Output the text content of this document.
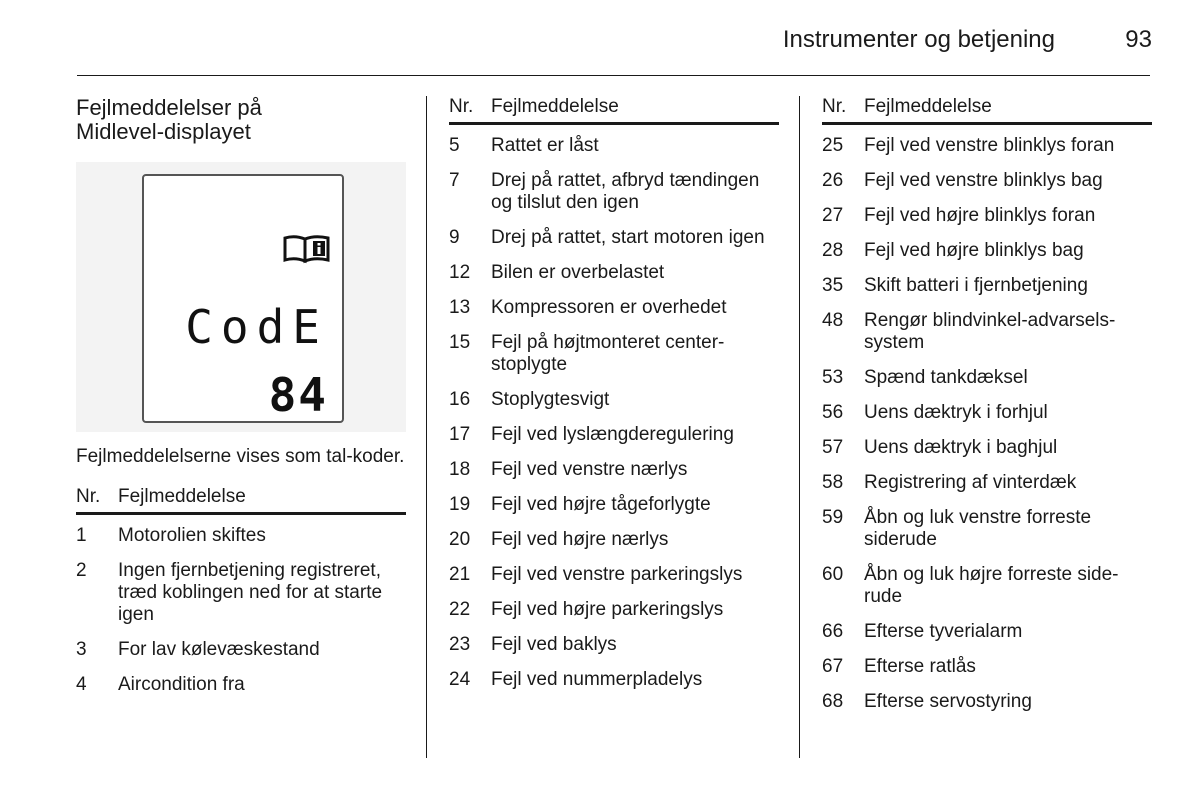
Instrumenter og betjening	93
Fejlmeddelelser på
Midlevel-displayet
CodE
84
Fejlmeddelelserne vises som tal-koder.
Nr. Fejlmeddelelse
1	Motorolien skiftes
2	Ingen fjernbetjening registreret, træd koblingen ned for at starte igen
3	For lav kølevæskestand
4	Aircondition fra
Nr. Fejlmeddelelse
5	Rattet er låst
7	Drej på rattet, afbryd tændingen og tilslut den igen
9	Drej på rattet, start motoren igen
12	Bilen er overbelastet
13	Kompressoren er overhedet
15	Fejl på højtmonteret center-stoplygte
16	Stoplygtesvigt
17	Fejl ved lyslængderegulering
18	Fejl ved venstre nærlys
19	Fejl ved højre tågeforlygte
20	Fejl ved højre nærlys
21	Fejl ved venstre parkeringslys
22	Fejl ved højre parkeringslys
23	Fejl ved baklys
24	Fejl ved nummerpladelys
Nr. Fejlmeddelelse
25	Fejl ved venstre blinklys foran
26	Fejl ved venstre blinklys bag
27	Fejl ved højre blinklys foran
28	Fejl ved højre blinklys bag
35	Skift batteri i fjernbetjening
48	Rengør blindvinkel-advarsels-system
53	Spænd tankdæksel
56	Uens dæktryk i forhjul
57	Uens dæktryk i baghjul
58	Registrering af vinterdæk
59	Åbn og luk venstre forreste siderude
60	Åbn og luk højre forreste side-rude
66	Efterse tyverialarm
67	Efterse ratlås
68	Efterse servostyring
